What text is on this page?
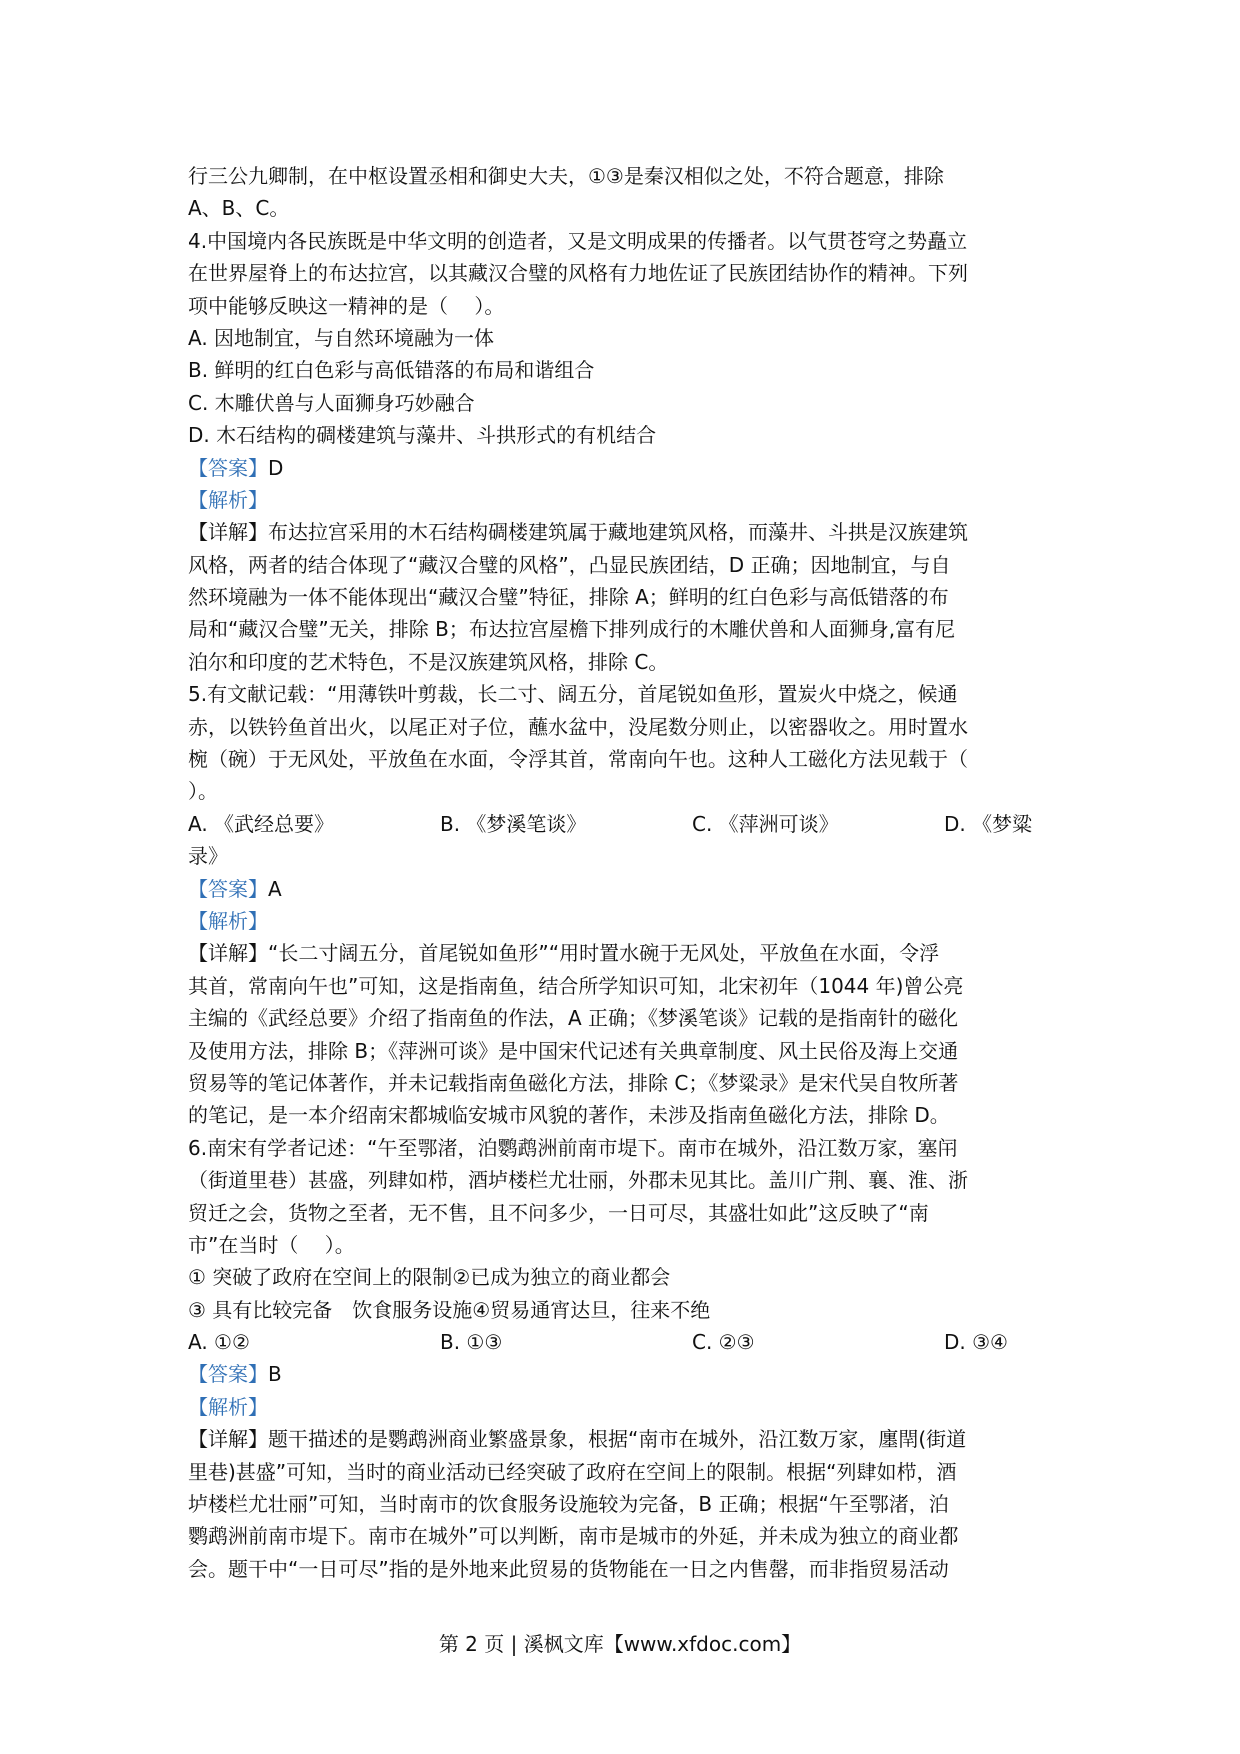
行三公九卿制，在中枢设置丞相和御史大夫，①③是秦汉相似之处，不符合题意，排除
A、B、C。
4.中国境内各民族既是中华文明的创造者，又是文明成果的传播者。以气贯苍穹之势矗立
在世界屋脊上的布达拉宫，以其藏汉合璧的风格有力地佐证了民族团结协作的精神。下列
项中能够反映这一精神的是（　 ）。
A. 因地制宜，与自然环境融为一体
B. 鲜明的红白色彩与高低错落的布局和谐组合
C. 木雕伏兽与人面狮身巧妙融合
D. 木石结构的碉楼建筑与藻井、斗拱形式的有机结合
【答案】D
【解析】
【详解】布达拉宫采用的木石结构碉楼建筑属于藏地建筑风格，而藻井、斗拱是汉族建筑
风格，两者的结合体现了“藏汉合璧的风格”，凸显民族团结，D 正确；因地制宜，与自
然环境融为一体不能体现出“藏汉合璧”特征，排除 A；鲜明的红白色彩与高低错落的布
局和“藏汉合璧”无关，排除 B；布达拉宫屋檐下排列成行的木雕伏兽和人面狮身,富有尼
泊尔和印度的艺术特色，不是汉族建筑风格，排除 C。
5.有文献记载：“用薄铁叶剪裁，长二寸、阔五分，首尾锐如鱼形，置炭火中烧之，候通
赤，以铁钤鱼首出火，以尾正对子位，蘸水盆中，没尾数分则止，以密器收之。用时置水
椀（碗）于无风处，平放鱼在水面，令浮其首，常南向午也。这种人工磁化方法见载于（
）。
A. 《武经总要》	B. 《梦溪笔谈》	C. 《萍洲可谈》	D. 《梦粱
录》
【答案】A
【解析】
【详解】“长二寸阔五分，首尾锐如鱼形”“用时置水碗于无风处，平放鱼在水面，令浮
其首，常南向午也”可知，这是指南鱼，结合所学知识可知，北宋初年（1044 年)曾公亮
主编的《武经总要》介绍了指南鱼的作法，A 正确；《梦溪笔谈》记载的是指南针的磁化
及使用方法，排除 B；《萍洲可谈》是中国宋代记述有关典章制度、风土民俗及海上交通
贸易等的笔记体著作，并未记载指南鱼磁化方法，排除 C；《梦粱录》是宋代吴自牧所著
的笔记，是一本介绍南宋都城临安城市风貌的著作，未涉及指南鱼磁化方法，排除 D。
6.南宋有学者记述：“午至鄂渚，泊鹦鹉洲前南市堤下。南市在城外，沿江数万家，塞闬
（街道里巷）甚盛，列肆如栉，酒垆楼栏尤壮丽，外郡未见其比。盖川广荆、襄、淮、浙
贸迁之会，货物之至者，无不售，且不问多少，一日可尽，其盛壮如此”这反映了“南
市”在当时（　 ）。
① 突破了政府在空间上的限制②已成为独立的商业都会
③ 具有比较完备　饮食服务设施④贸易通宵达旦，往来不绝
A. ①②	B. ①③	C. ②③	D. ③④
【答案】B
【解析】
【详解】题干描述的是鹦鹉洲商业繁盛景象，根据“南市在城外，沿江数万家，廛閈(街道
里巷)甚盛”可知，当时的商业活动已经突破了政府在空间上的限制。根据“列肆如栉，酒
垆楼栏尤壮丽”可知，当时南市的饮食服务设施较为完备，B 正确；根据“午至鄂渚，泊
鹦鹉洲前南市堤下。南市在城外”可以判断，南市是城市的外延，并未成为独立的商业都
会。题干中“一日可尽”指的是外地来此贸易的货物能在一日之内售罄，而非指贸易活动
第 2 页 | 溪枫文库【www.xfdoc.com】
